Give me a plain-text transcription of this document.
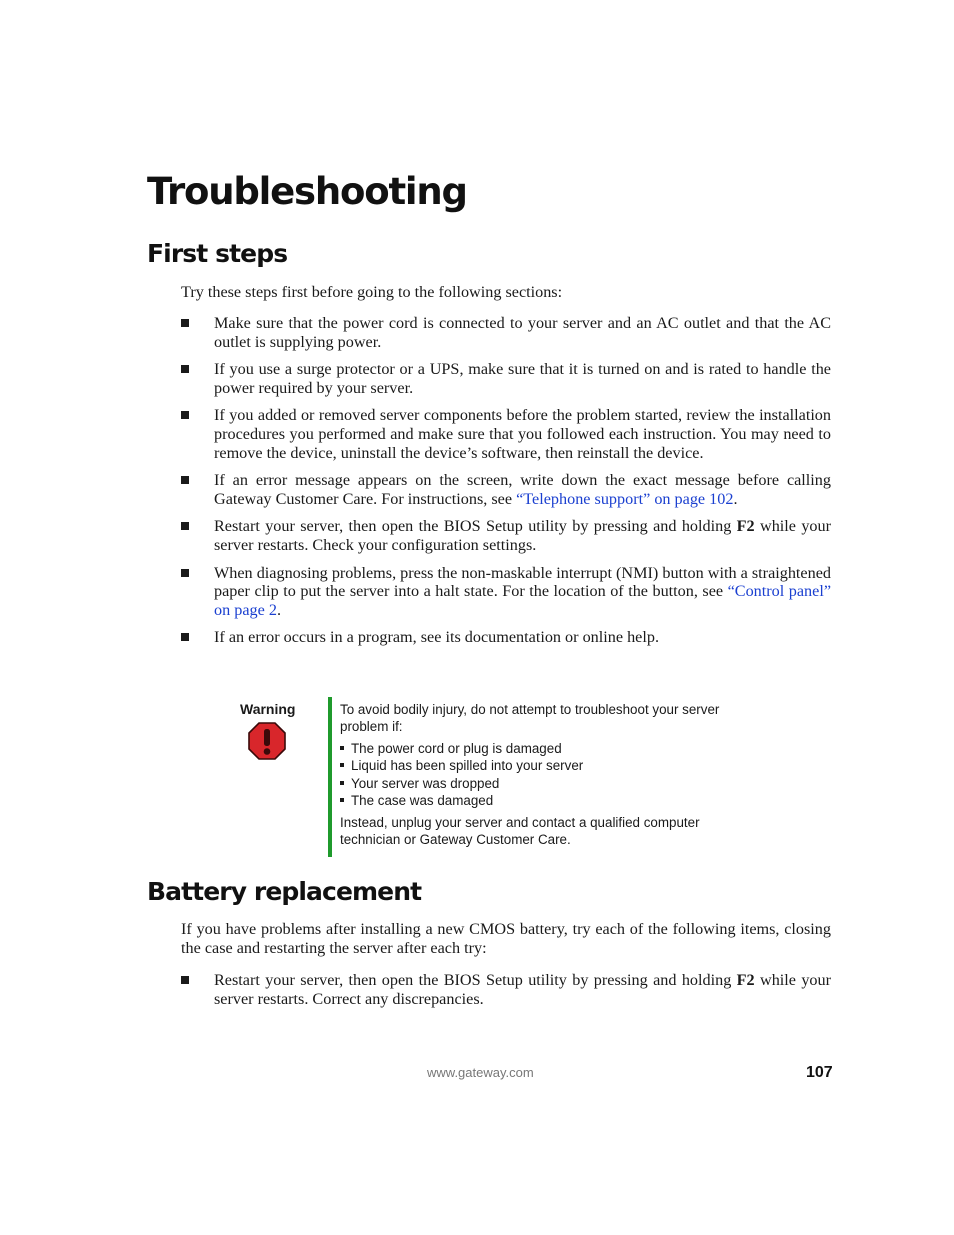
Troubleshooting
First steps

Try these steps first before going to the following sections:

Make sure that the power cord is connected to your server and an AC outlet and that the AC outlet is supplying power.
If you use a surge protector or a UPS, make sure that it is turned on and is rated to handle the power required by your server.
If you added or removed server components before the problem started, review the installation procedures you performed and make sure that you followed each instruction. You may need to remove the device, uninstall the device’s software, then reinstall the device.
If an error message appears on the screen, write down the exact message before calling Gateway Customer Care. For instructions, see “Telephone support” on page 102.
Restart your server, then open the BIOS Setup utility by pressing and holding F2 while your server restarts. Check your configuration settings.
When diagnosing problems, press the non-maskable interrupt (NMI) button with a straightened paper clip to put the server into a halt state. For the location of the button, see “Control panel” on page 2.
If an error occurs in a program, see its documentation or online help.

Warning	To avoid bodily injury, do not attempt to troubleshoot your server problem if:

The power cord or plug is damaged
Liquid has been spilled into your server
Your server was dropped
The case was damaged

Instead, unplug your server and contact a qualified computer technician or Gateway Customer Care.

Battery replacement

If you have problems after installing a new CMOS battery, try each of the following items, closing the case and restarting the server after each try:

Restart your server, then open the BIOS Setup utility by pressing and holding F2 while your server restarts. Correct any discrepancies.

www.gateway.com	107
